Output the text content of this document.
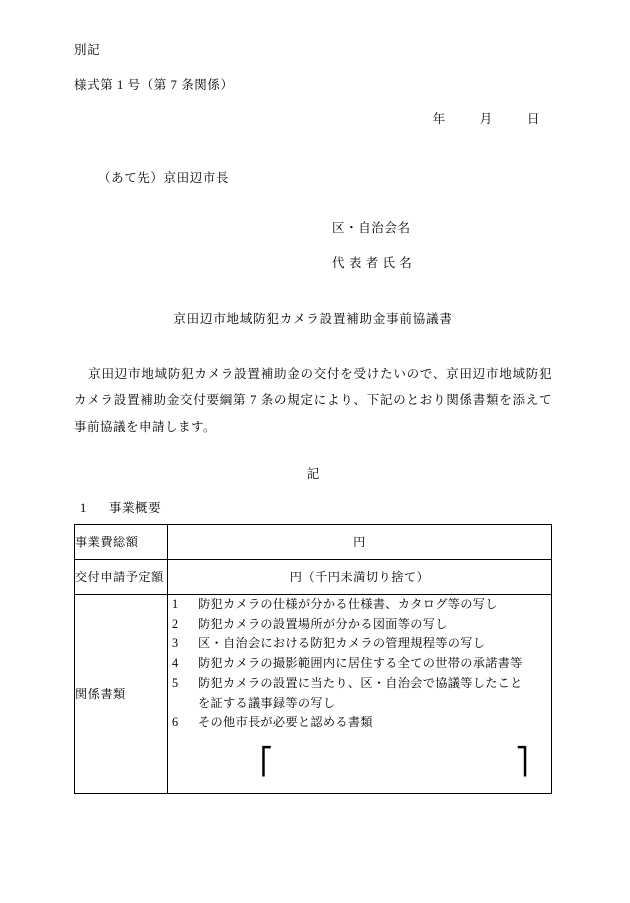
別記
様式第 1 号（第 7 条関係）
年	月	日
（あて先）京田辺市長
区・自治会名
代 表 者 氏 名
京田辺市地域防犯カメラ設置補助金事前協議書
京田辺市地域防犯カメラ設置補助金の交付を受けたいので、京田辺市地域防犯カメラ設置補助金交付要綱第 7 条の規定により、下記のとおり関係書類を添えて事前協議を申請します。
記
1 事業概要
事業費総額	円
交付申請予定額	円（千円未満切り捨て）
関係書類	
1 防犯カメラの仕様が分かる仕様書、カタログ等の写し
2 防犯カメラの設置場所が分かる図面等の写し
3 区・自治会における防犯カメラの管理規程等の写し
4 防犯カメラの撮影範囲内に居住する全ての世帯の承諾書等
5 防犯カメラの設置に当たり、区・自治会で協議等したこと
を証する議事録等の写し
6 その他市長が必要と認める書類
⎡	⎤
